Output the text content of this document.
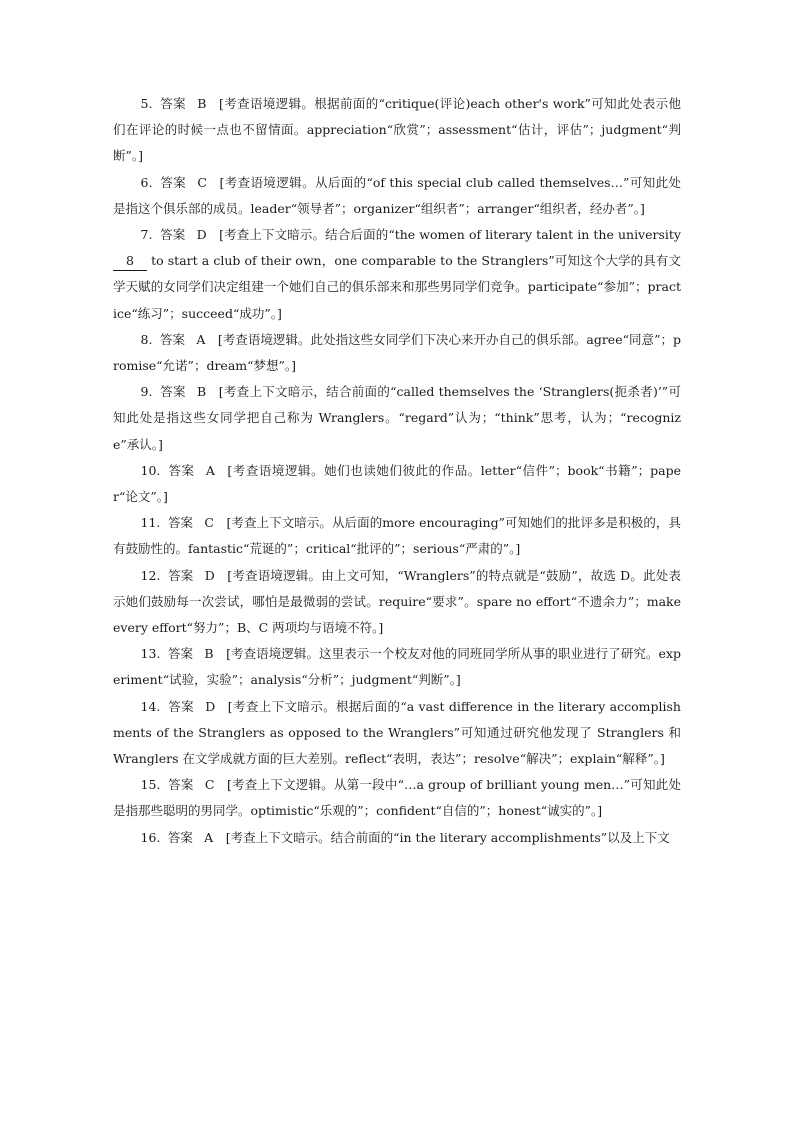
5. 答案 B [考查语境逻辑。根据前面的“critique(评论)each other's work”可知此处表示他们在评论的时候一点也不留情面。appreciation“欣赏”；assessment“估计，评估”；judgment“判断”。]

6. 答案 C [考查语境逻辑。从后面的“of this special club called themselves…”可知此处是指这个俱乐部的成员。leader“领导者”；organizer“组织者”；arranger“组织者，经办者”。]

7. 答案 D [考查上下文暗示。结合后面的“the women of literary talent in the university 8 to start a club of their own，one comparable to the Stranglers”可知这个大学的具有文学天赋的女同学们决定组建一个她们自己的俱乐部来和那些男同学们竞争。participate“参加”；practice“练习”；succeed“成功”。]

8. 答案 A [考查语境逻辑。此处指这些女同学们下决心来开办自己的俱乐部。agree“同意”；promise“允诺”；dream“梦想”。]

9. 答案 B [考查上下文暗示，结合前面的“called themselves the ‘Stranglers(扼杀者)’”可知此处是指这些女同学把自己称为 Wranglers。“regard”认为；“think”思考，认为；“recognize”承认。]

10. 答案 A [考查语境逻辑。她们也读她们彼此的作品。letter“信件”；book“书籍”；paper“论文”。]

11. 答案 C [考查上下文暗示。从后面的more encouraging”可知她们的批评多是积极的，具有鼓励性的。fantastic“荒诞的”；critical“批评的”；serious“严肃的”。]

12. 答案 D [考查语境逻辑。由上文可知，“Wranglers”的特点就是“鼓励”，故选 D。此处表示她们鼓励每一次尝试，哪怕是最微弱的尝试。require“要求”。spare no effort“不遗余力”；make every effort“努力”；B、C 两项均与语境不符。]

13. 答案 B [考查语境逻辑。这里表示一个校友对他的同班同学所从事的职业进行了研究。experiment“试验，实验”；analysis“分析”；judgment“判断”。]

14. 答案 D [考查上下文暗示。根据后面的“a vast difference in the literary accomplishments of the Stranglers as opposed to the Wranglers”可知通过研究他发现了 Stranglers 和 Wranglers 在文学成就方面的巨大差别。reflect“表明，表达”；resolve“解决”；explain“解释”。]

15. 答案 C [考查上下文逻辑。从第一段中“…a group of brilliant young men…”可知此处是指那些聪明的男同学。optimistic“乐观的”；confident“自信的”；honest“诚实的”。]

16. 答案 A [考查上下文暗示。结合前面的“in the literary accomplishments”以及上下文
